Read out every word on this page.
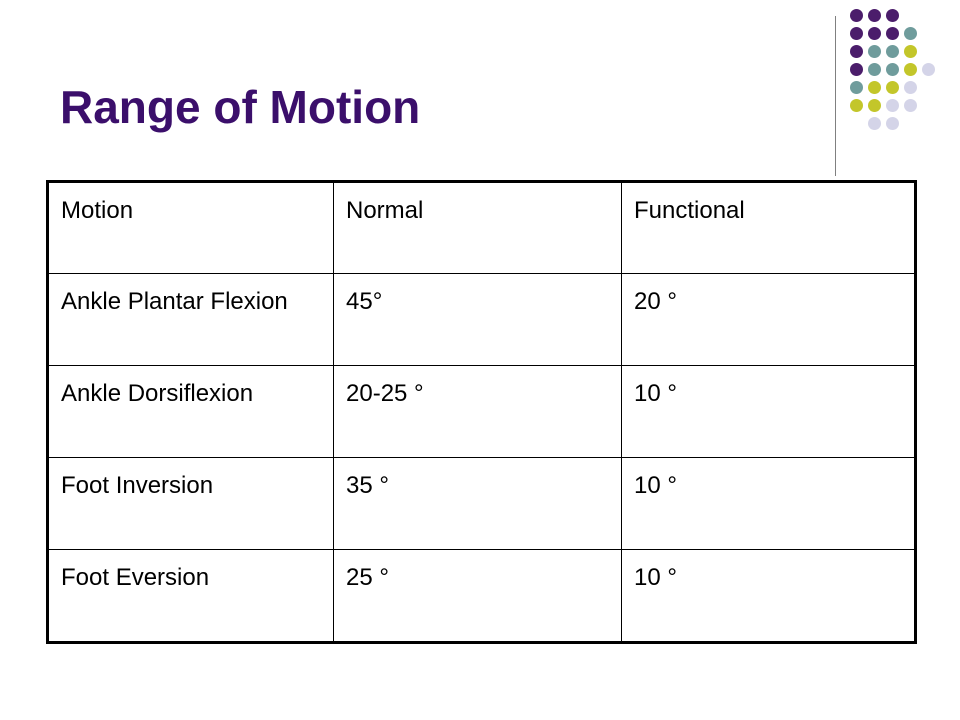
Range of Motion
Motion	Normal	Functional
Ankle Plantar Flexion	45°	20 °
Ankle Dorsiflexion	20-25 °	10 °
Foot Inversion	35 °	10 °
Foot Eversion	25 °	10 °
